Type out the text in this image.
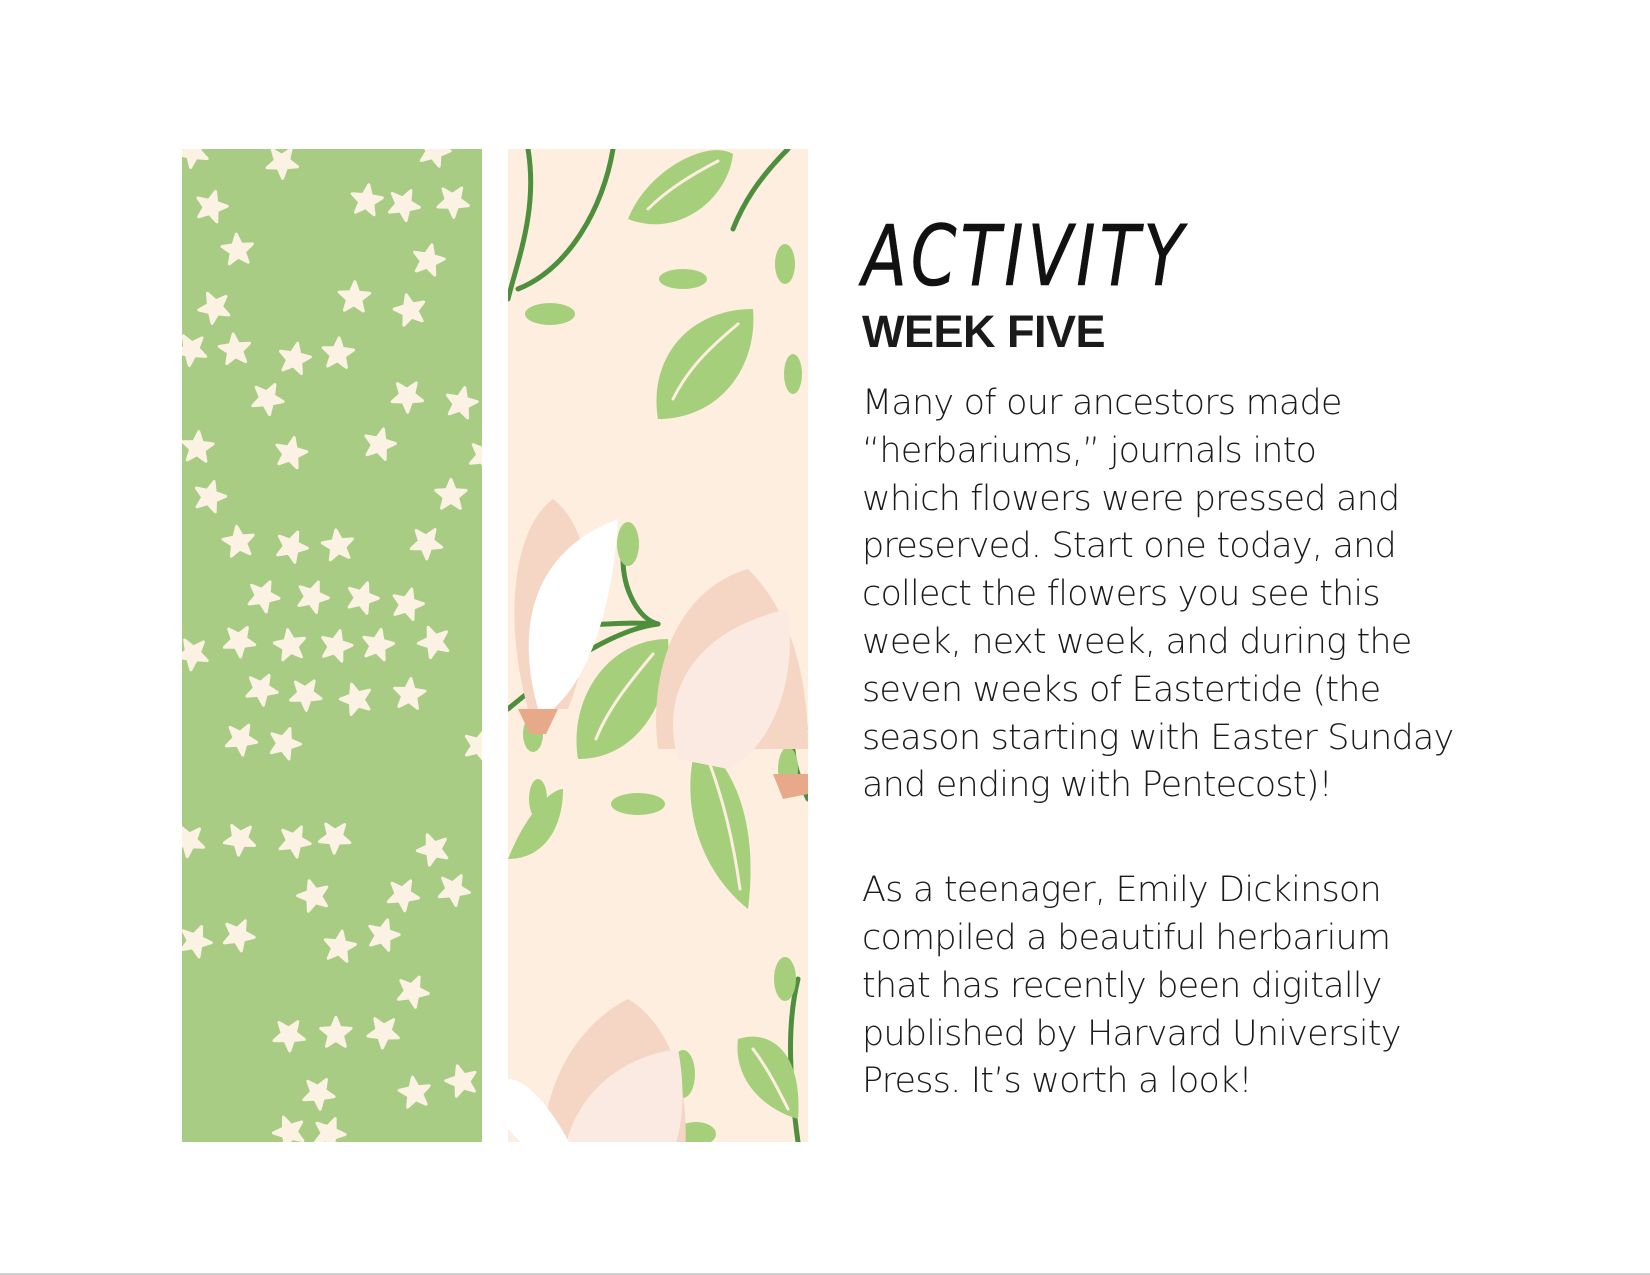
ACTIVITY
WEEK FIVE

Many of our ancestors made
“herbariums,” journals into
which flowers were pressed and
preserved. Start one today, and
collect the flowers you see this
week, next week, and during the
seven weeks of Eastertide (the
season starting with Easter Sunday
and ending with Pentecost)!

As a teenager, Emily Dickinson
compiled a beautiful herbarium
that has recently been digitally
published by Harvard University
Press. It’s worth a look!
